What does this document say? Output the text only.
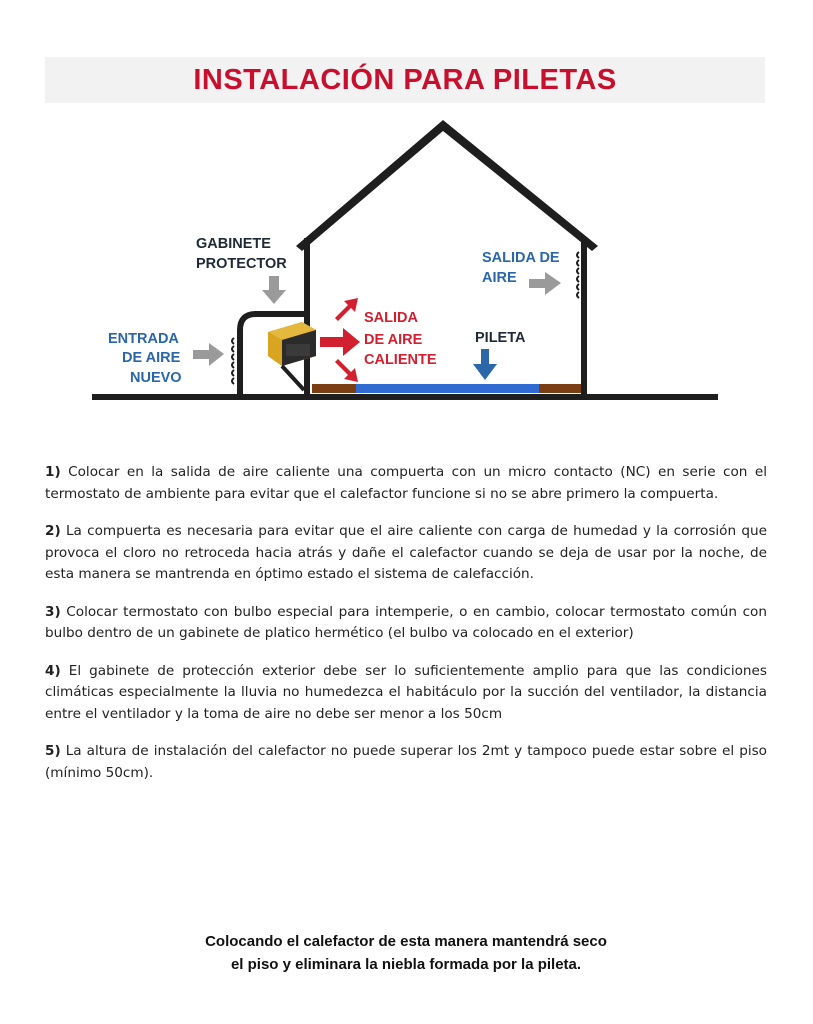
INSTALACIÓN PARA PILETAS
GABINETE
PROTECTOR
ENTRADA
DE AIRE
NUEVO
SALIDA
DE AIRE
CALIENTE
SALIDA DE
AIRE
PILETA

1) Colocar en la salida de aire caliente una compuerta con un micro contacto (NC) en serie con el termostato de ambiente para evitar que el calefactor funcione si no se abre primero la compuerta.

2) La compuerta es necesaria para evitar que el aire caliente con carga de humedad y la corrosión que provoca el cloro no retroceda hacia atrás y dañe el calefactor cuando se deja de usar por la noche, de esta manera se mantrenda en óptimo estado el sistema de calefacción.

3) Colocar termostato con bulbo especial para intemperie, o en cambio, colocar termostato común con bulbo dentro de un gabinete de platico hermético (el bulbo va colocado en el exterior)

4) El gabinete de protección exterior debe ser lo suficientemente amplio para que las condiciones climáticas especialmente la lluvia no humedezca el habitáculo por la succión del ventilador, la distancia entre el ventilador y la toma de aire no debe ser menor a los 50cm

5) La altura de instalación del calefactor no puede superar los 2mt y tampoco puede estar sobre el piso (mínimo 50cm).

Colocando el calefactor de esta manera mantendrá seco
el piso y eliminara la niebla formada por la pileta.
